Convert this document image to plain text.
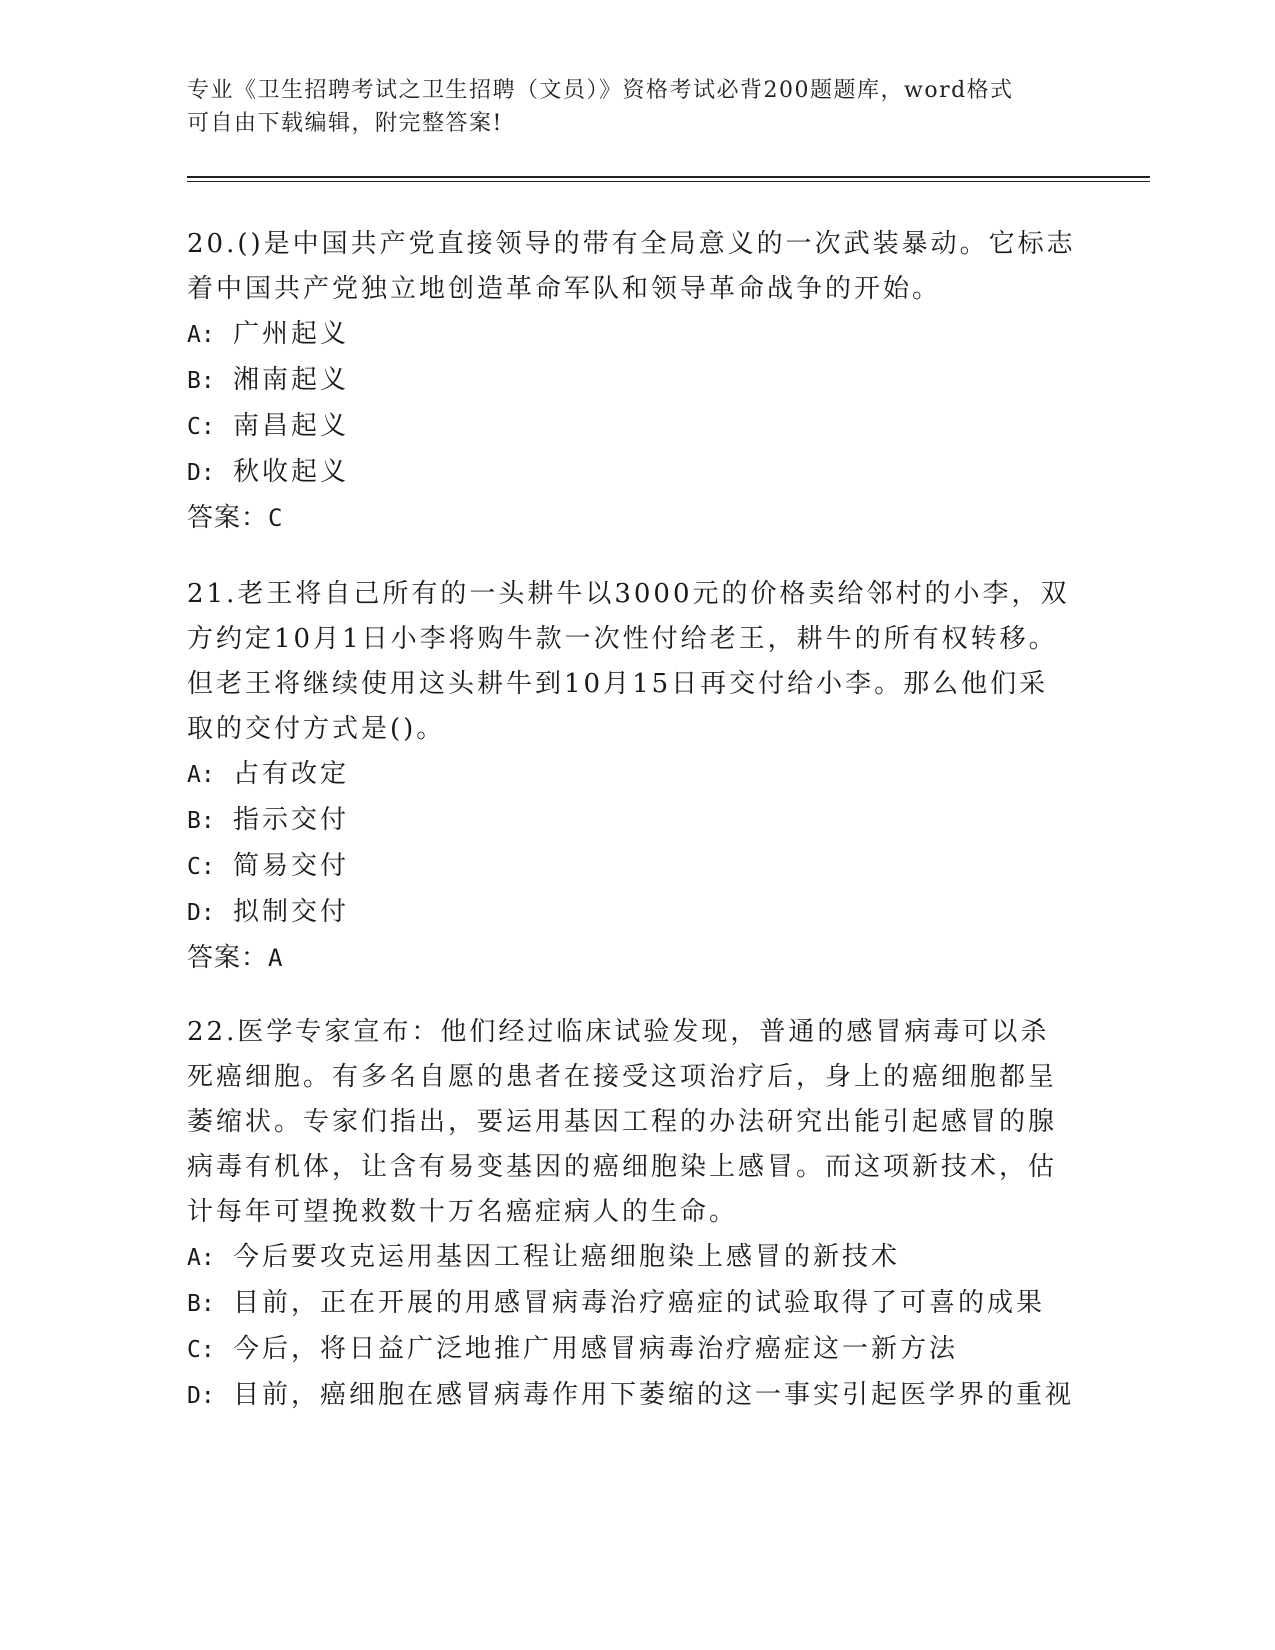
专业《卫生招聘考试之卫生招聘（文员）》资格考试必背200题题库，word格式
可自由下载编辑，附完整答案!

20.()是中国共产党直接领导的带有全局意义的一次武装暴动。它标志着中国共产党独立地创造革命军队和领导革命战争的开始。

A: 广州起义

B: 湘南起义

C: 南昌起义

D: 秋收起义

答案：C

21.老王将自己所有的一头耕牛以3000元的价格卖给邻村的小李，双方约定10月1日小李将购牛款一次性付给老王，耕牛的所有权转移。但老王将继续使用这头耕牛到10月15日再交付给小李。那么他们采取的交付方式是()。

A: 占有改定

B: 指示交付

C: 简易交付

D: 拟制交付

答案：A

22.医学专家宣布：他们经过临床试验发现，普通的感冒病毒可以杀死癌细胞。有多名自愿的患者在接受这项治疗后，身上的癌细胞都呈萎缩状。专家们指出，要运用基因工程的办法研究出能引起感冒的腺病毒有机体，让含有易变基因的癌细胞染上感冒。而这项新技术，估计每年可望挽救数十万名癌症病人的生命。

A: 今后要攻克运用基因工程让癌细胞染上感冒的新技术

B: 目前，正在开展的用感冒病毒治疗癌症的试验取得了可喜的成果

C: 今后，将日益广泛地推广用感冒病毒治疗癌症这一新方法

D: 目前，癌细胞在感冒病毒作用下萎缩的这一事实引起医学界的重视
